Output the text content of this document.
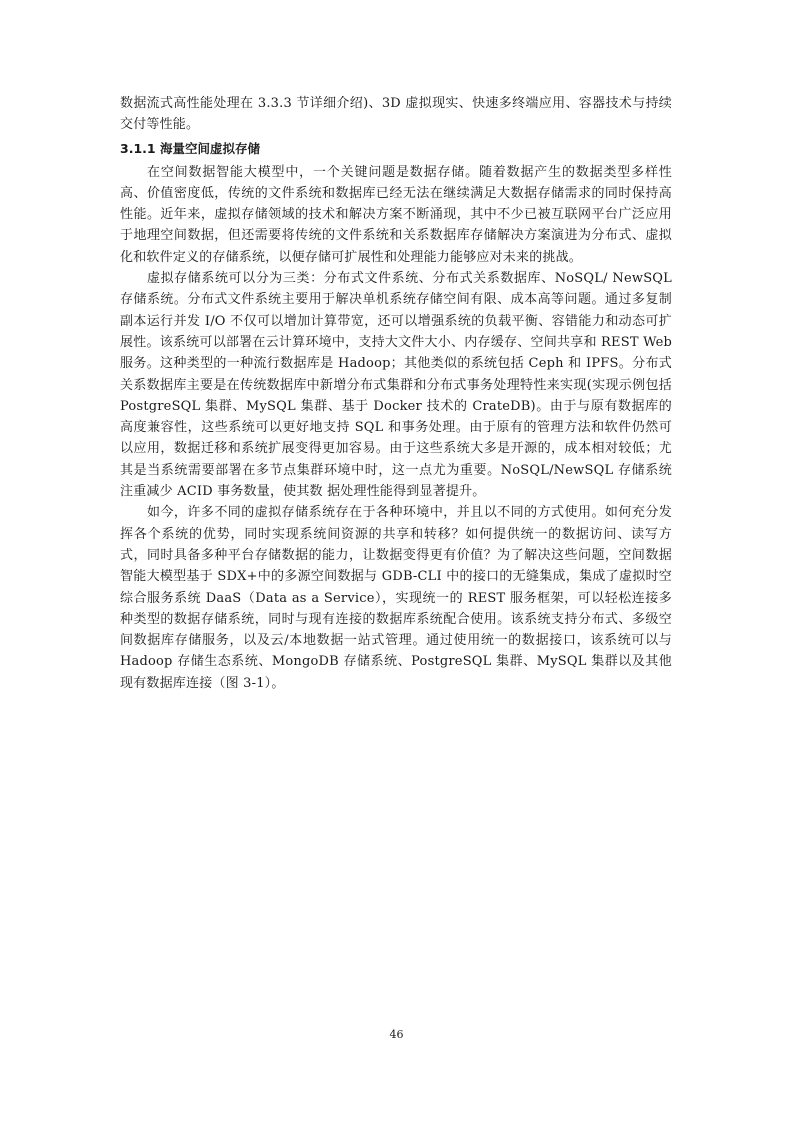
数据流式高性能处理在 3.3.3 节详细介绍)、3D 虚拟现实、快速多终端应用、容器技术与持续交付等性能。

3.1.1 海量空间虚拟存储

在空间数据智能大模型中，一个关键问题是数据存储。随着数据产生的数据类型多样性高、价值密度低，传统的文件系统和数据库已经无法在继续满足大数据存储需求的同时保持高性能。近年来，虚拟存储领域的技术和解决方案不断涌现，其中不少已被互联网平台广泛应用于地理空间数据，但还需要将传统的文件系统和关系数据库存储解决方案演进为分布式、虚拟化和软件定义的存储系统，以便存储可扩展性和处理能力能够应对未来的挑战。

虚拟存储系统可以分为三类：分布式文件系统、分布式关系数据库、NoSQL/ NewSQL 存储系统。分布式文件系统主要用于解决单机系统存储空间有限、成本高等问题。通过多复制副本运行并发 I/O 不仅可以增加计算带宽，还可以增强系统的负载平衡、容错能力和动态可扩展性。该系统可以部署在云计算环境中，支持大文件大小、内存缓存、空间共享和 REST Web 服务。这种类型的一种流行数据库是 Hadoop；其他类似的系统包括 Ceph 和 IPFS。分布式关系数据库主要是在传统数据库中新增分布式集群和分布式事务处理特性来实现(实现示例包括 PostgreSQL 集群、MySQL 集群、基于 Docker 技术的 CrateDB)。由于与原有数据库的高度兼容性，这些系统可以更好地支持 SQL 和事务处理。由于原有的管理方法和软件仍然可以应用，数据迁移和系统扩展变得更加容易。由于这些系统大多是开源的，成本相对较低；尤其是当系统需要部署在多节点集群环境中时，这一点尤为重要。NoSQL/NewSQL 存储系统注重减少 ACID 事务数量，使其数 据处理性能得到显著提升。

如今，许多不同的虚拟存储系统存在于各种环境中，并且以不同的方式使用。如何充分发挥各个系统的优势，同时实现系统间资源的共享和转移？如何提供统一的数据访问、读写方式，同时具备多种平台存储数据的能力，让数据变得更有价值？为了解决这些问题，空间数据智能大模型基于 SDX+中的多源空间数据与 GDB-CLI 中的接口的无缝集成，集成了虚拟时空综合服务系统 DaaS（Data as a Service），实现统一的 REST 服务框架，可以轻松连接多种类型的数据存储系统，同时与现有连接的数据库系统配合使用。该系统支持分布式、多级空间数据库存储服务，以及云/本地数据一站式管理。通过使用统一的数据接口，该系统可以与 Hadoop 存储生态系统、MongoDB 存储系统、PostgreSQL 集群、MySQL 集群以及其他现有数据库连接（图 3-1）。

46
